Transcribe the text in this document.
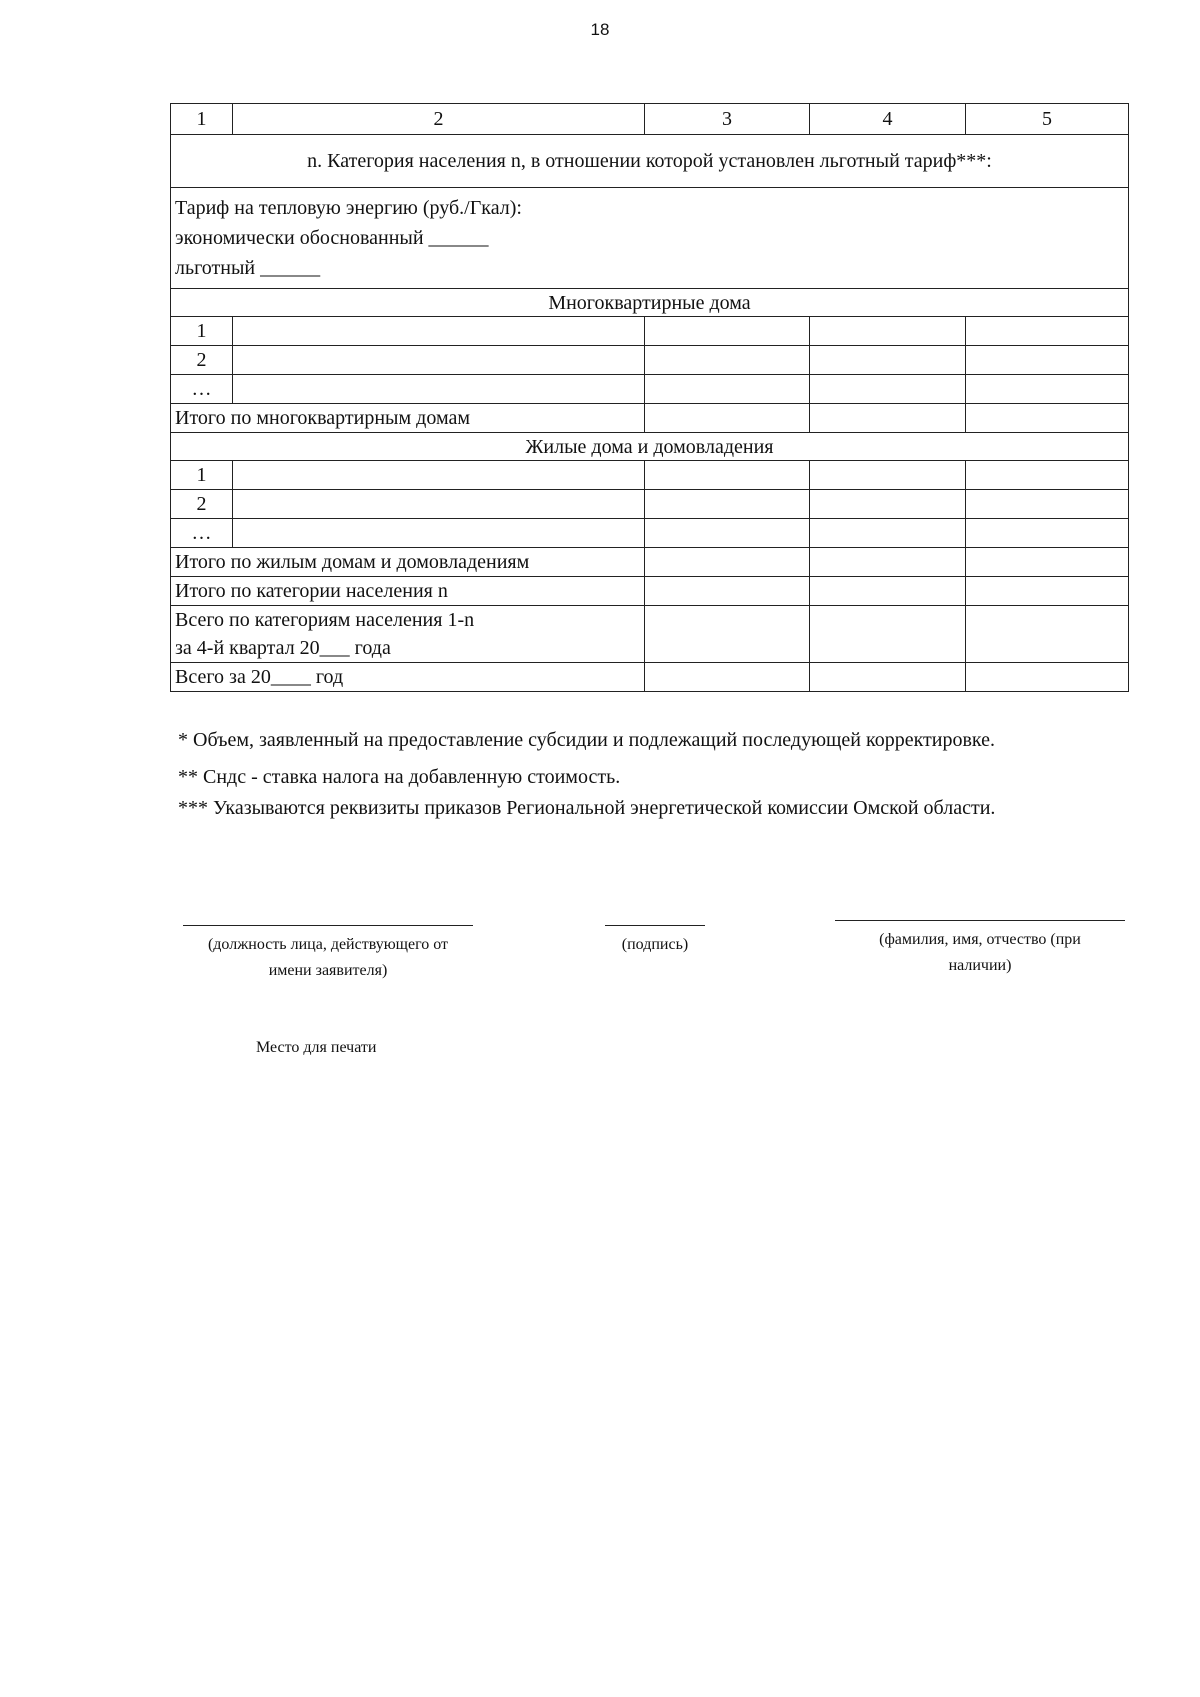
18
1	2	3	4	5
n. Категория населения n, в отношении которой установлен льготный тариф***:				

Тариф на тепловую энергию (руб./Гкал):
экономически обоснованный ______
льготный ______				

Многоквартирные дома				
1				
2				
…				
Итого по многоквартирным домам				
Жилые дома и домовладения				
1				
2				
…				
Итого по жилым домам и домовладениям				
Итого по категории населения n				

Всего по категориям населения 1-n
за 4-й квартал 20___ года				

Всего за 20____ год				

* Объем, заявленный на предоставление субсидии и подлежащий последующей корректировке.

** Сндс - ставка налога на добавленную стоимость.

*** Указываются реквизиты приказов Региональной энергетической комиссии Омской области.

(должность лица, действующего от
имени заявителя)
(подпись)	(фамилия, имя, отчество (при
наличии)
Место для печати
